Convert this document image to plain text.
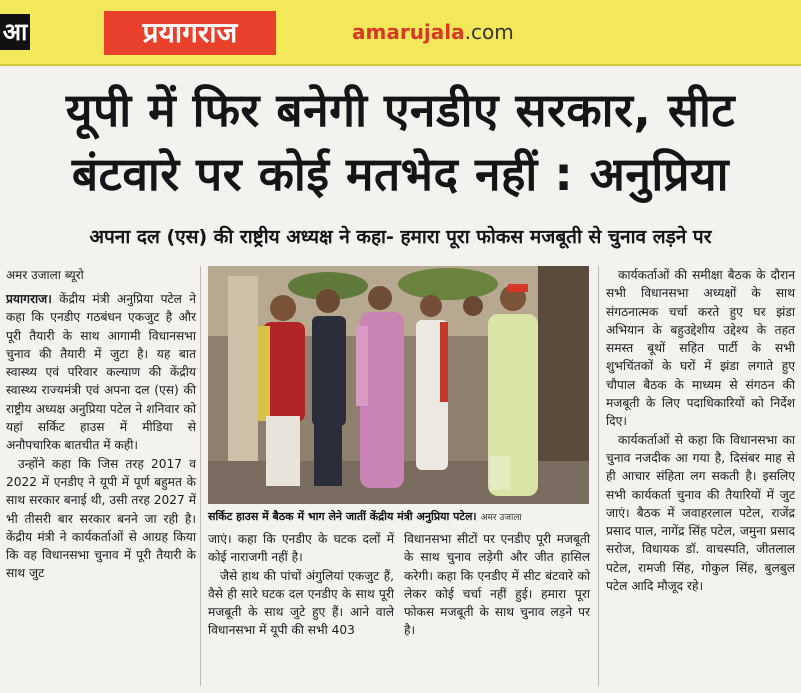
आ	प्रयागराज	amarujala.com
यूपी में फिर बनेगी एनडीए सरकार, सीट
बंटवारे पर कोई मतभेद नहीं : अनुप्रिया
अपना दल (एस) की राष्ट्रीय अध्यक्ष ने कहा- हमारा पूरा फोकस मजबूती से चुनाव लड़ने पर
अमर उजाला ब्यूरो

प्रयागराज। केंद्रीय मंत्री अनुप्रिया पटेल ने कहा कि एनडीए गठबंधन एकजुट है और पूरी तैयारी के साथ आगामी विधानसभा चुनाव की तैयारी में जुटा है। यह बात स्वास्थ्य एवं परिवार कल्याण की केंद्रीय स्वास्थ्य राज्यमंत्री एवं अपना दल (एस) की राष्ट्रीय अध्यक्ष अनुप्रिया पटेल ने शनिवार को यहां सर्किट हाउस में मीडिया से अनौपचारिक बातचीत में कही।

उन्होंने कहा कि जिस तरह 2017 व 2022 में एनडीए ने यूपी में पूर्ण बहुमत के साथ सरकार बनाई थी, उसी तरह 2027 में भी तीसरी बार सरकार बनने जा रही है। केंद्रीय मंत्री ने कार्यकर्ताओं से आग्रह किया कि वह विधानसभा चुनाव में पूरी तैयारी के साथ जुट

सर्किट हाउस में बैठक में भाग लेने जातीं केंद्रीय मंत्री अनुप्रिया पटेल। अमर उजाला

जाएं। कहा कि एनडीए के घटक दलों में कोई नाराजगी नहीं है।

जैसे हाथ की पांचों अंगुलियां एकजुट हैं, वैसे ही सारे घटक दल एनडीए के साथ पूरी मजबूती के साथ जुटे हुए हैं। आने वाले विधानसभा में यूपी की सभी 403

विधानसभा सीटों पर एनडीए पूरी मजबूती के साथ चुनाव लड़ेगी और जीत हासिल करेगी। कहा कि एनडीए में सीट बंटवारे को लेकर कोई चर्चा नहीं हुई। हमारा पूरा फोकस मजबूती के साथ चुनाव लड़ने पर है।

कार्यकर्ताओं की समीक्षा बैठक के दौरान सभी विधानसभा अध्यक्षों के साथ संगठनात्मक चर्चा करते हुए घर झंडा अभियान के बहुउद्देशीय उद्देश्य के तहत समस्त बूथों सहित पार्टी के सभी शुभचिंतकों के घरों में झंडा लगाते हुए चौपाल बैठक के माध्यम से संगठन की मजबूती के लिए पदाधिकारियों को निर्देश दिए।

कार्यकर्ताओं से कहा कि विधानसभा का चुनाव नजदीक आ गया है, दिसंबर माह से ही आचार संहिता लग सकती है। इसलिए सभी कार्यकर्ता चुनाव की तैयारियों में जुट जाएं। बैठक में जवाहरलाल पटेल, राजेंद्र प्रसाद पाल, नागेंद्र सिंह पटेल, जमुना प्रसाद सरोज, विधायक डॉ. वाचस्पति, जीतलाल पटेल, रामजी सिंह, गोकुल सिंह, बुलबुल पटेल आदि मौजूद रहे।
